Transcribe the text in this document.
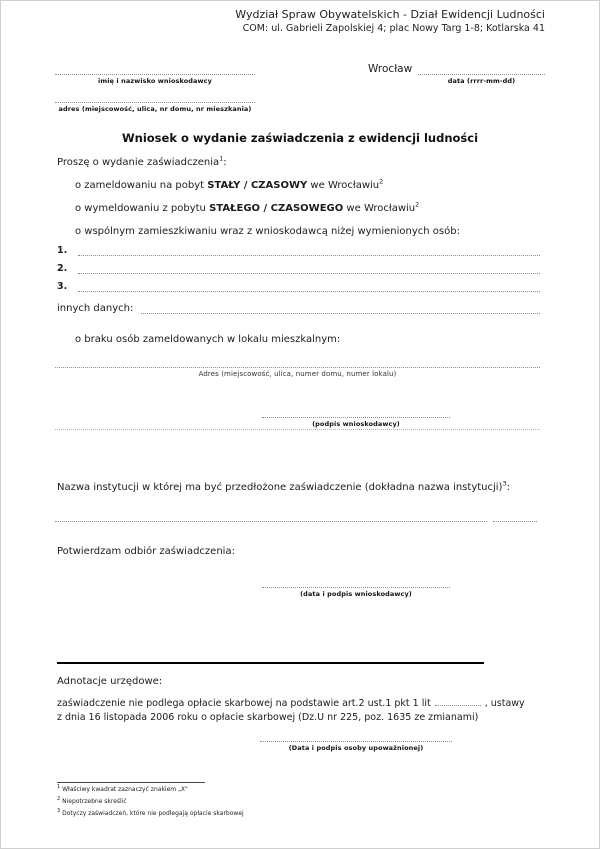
Wydział Spraw Obywatelskich - Dział Ewidencji Ludności
COM: ul. Gabrieli Zapolskiej 4; plac Nowy Targ 1-8; Kotlarska 41
imię i nazwisko wnioskodawcy
Wrocław
data (rrrr-mm-dd)
adres (miejscowość, ulica, nr domu, nr mieszkania)
Wniosek o wydanie zaświadczenia z ewidencji ludności
Proszę o wydanie zaświadczenia$^1$:
o zameldowaniu na pobyt STAŁY / CZASOWY we Wrocławiu$^2$
o wymeldowaniu z pobytu STAŁEGO / CZASOWEGO we Wrocławiu$^2$
o wspólnym zamieszkiwaniu wraz z wnioskodawcą niżej wymienionych osób:
1.
2.
3.
innych danych:
o braku osób zameldowanych w lokalu mieszkalnym:
Adres (miejscowość, ulica, numer domu, numer lokalu)
(podpis wnioskodawcy)
Nazwa instytucji w której ma być przedłożone zaświadczenie (dokładna nazwa instytucji)$^3$:
Potwierdzam odbiór zaświadczenia:
(data i podpis wnioskodawcy)
Adnotacje urzędowe:
zaświadczenie nie podlega opłacie skarbowej na podstawie art.2 ust.1 pkt 1 lit	, ustawy
z dnia 16 listopada 2006 roku o opłacie skarbowej (Dz.U nr 225, poz. 1635 ze zmianami)
(Data i podpis osoby upoważnionej)
$^1$ Właściwy kwadrat zaznaczyć znakiem „X"
$^2$ Niepotrzebne skreślić
$^3$ Dotyczy zaświadczeń, które nie podlegają opłacie skarbowej
